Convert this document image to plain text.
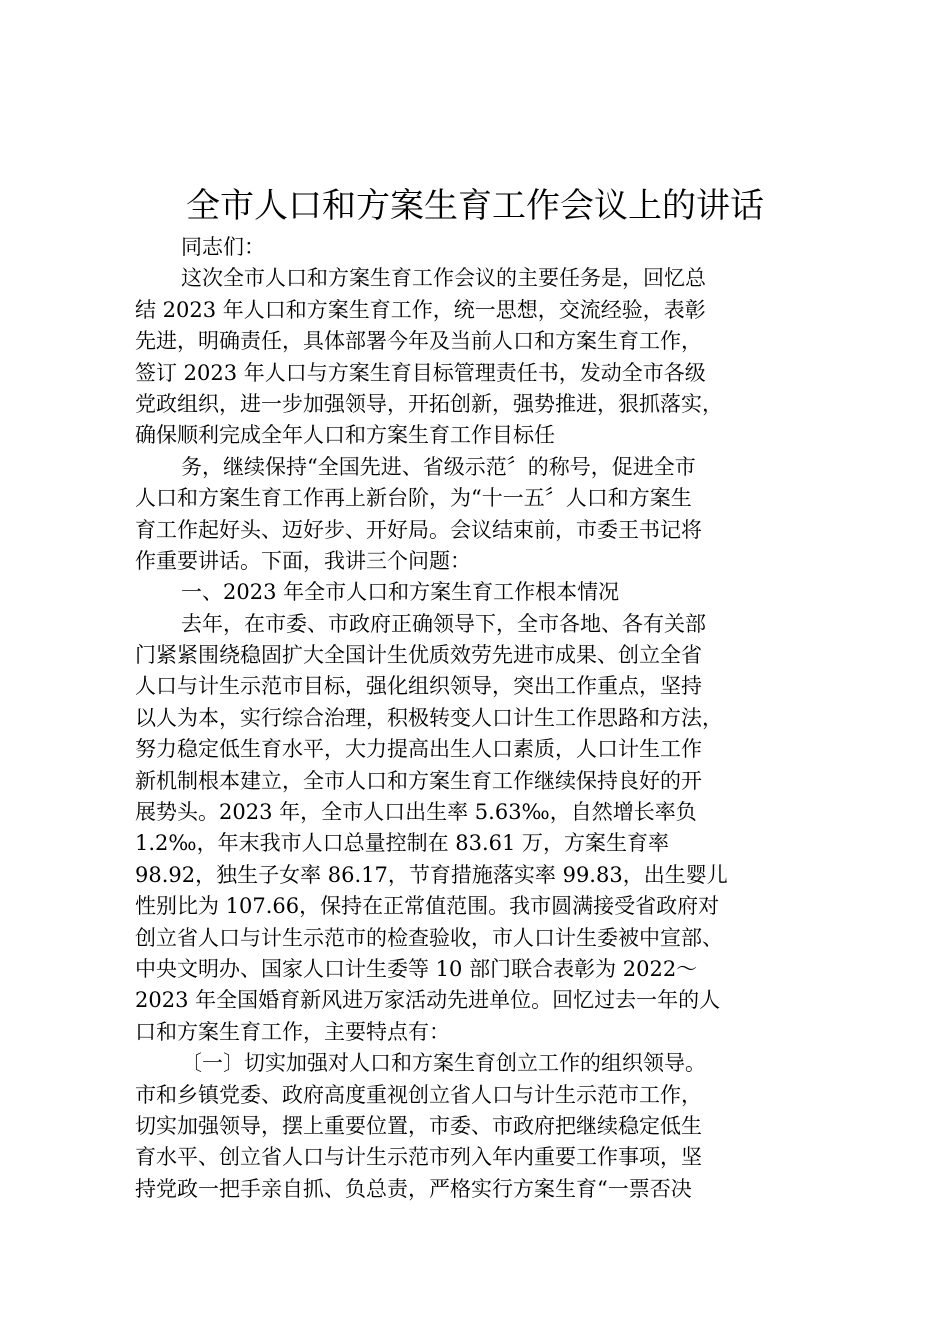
全市人口和方案生育工作会议上的讲话
同志们：
这次全市人口和方案生育工作会议的主要任务是，回忆总
结 2023 年人口和方案生育工作，统一思想，交流经验，表彰
先进，明确责任，具体部署今年及当前人口和方案生育工作，
签订 2023 年人口与方案生育目标管理责任书，发动全市各级
党政组织，进一步加强领导，开拓创新，强势推进，狠抓落实，
确保顺利完成全年人口和方案生育工作目标任
务，继续保持“全国先进、省级示范〞的称号，促进全市
人口和方案生育工作再上新台阶，为“十一五〞人口和方案生
育工作起好头、迈好步、开好局。会议结束前，市委王书记将
作重要讲话。下面，我讲三个问题：
一、2023 年全市人口和方案生育工作根本情况
去年，在市委、市政府正确领导下，全市各地、各有关部
门紧紧围绕稳固扩大全国计生优质效劳先进市成果、创立全省
人口与计生示范市目标，强化组织领导，突出工作重点，坚持
以人为本，实行综合治理，积极转变人口计生工作思路和方法，
努力稳定低生育水平，大力提高出生人口素质，人口计生工作
新机制根本建立，全市人口和方案生育工作继续保持良好的开
展势头。2023 年，全市人口出生率 5.63‰，自然增长率负
1.2‰，年末我市人口总量控制在 83.61 万，方案生育率
98.92，独生子女率 86.17，节育措施落实率 99.83，出生婴儿
性别比为 107.66，保持在正常值范围。我市圆满接受省政府对
创立省人口与计生示范市的检查验收，市人口计生委被中宣部、
中央文明办、国家人口计生委等 10 部门联合表彰为 2022～
2023 年全国婚育新风进万家活动先进单位。回忆过去一年的人
口和方案生育工作，主要特点有：
〔一〕切实加强对人口和方案生育创立工作的组织领导。
市和乡镇党委、政府高度重视创立省人口与计生示范市工作，
切实加强领导，摆上重要位置，市委、市政府把继续稳定低生
育水平、创立省人口与计生示范市列入年内重要工作事项，坚
持党政一把手亲自抓、负总责，严格实行方案生育“一票否决
